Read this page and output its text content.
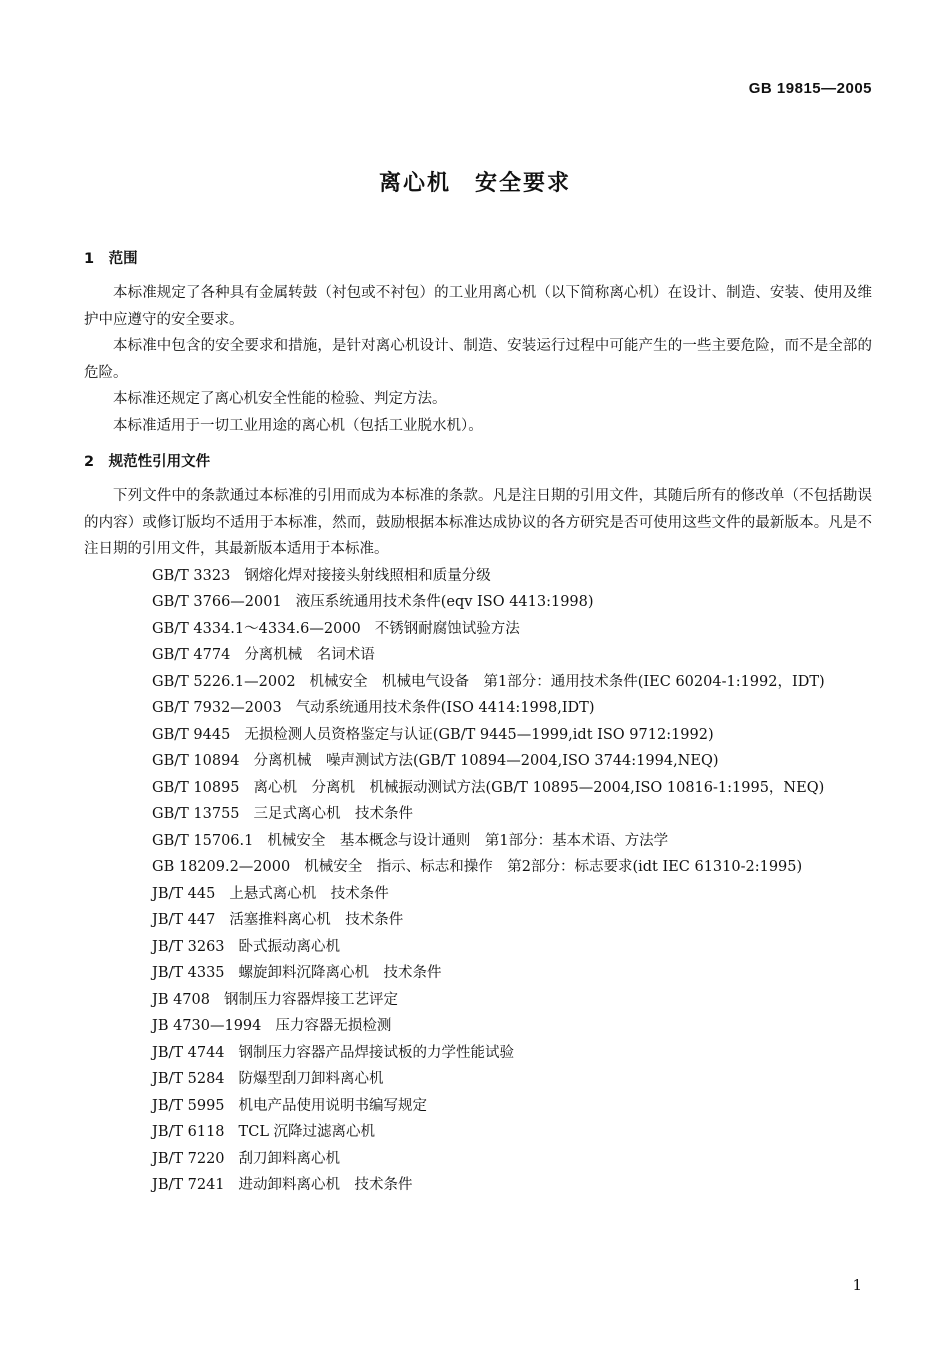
GB 19815—2005
离心机　安全要求
1　范围

本标准规定了各种具有金属转鼓（衬包或不衬包）的工业用离心机（以下简称离心机）在设计、制造、安装、使用及维护中应遵守的安全要求。

本标准中包含的安全要求和措施，是针对离心机设计、制造、安装运行过程中可能产生的一些主要危险，而不是全部的危险。

本标准还规定了离心机安全性能的检验、判定方法。

本标准适用于一切工业用途的离心机（包括工业脱水机）。

2　规范性引用文件

下列文件中的条款通过本标准的引用而成为本标准的条款。凡是注日期的引用文件，其随后所有的修改单（不包括勘误的内容）或修订版均不适用于本标准，然而，鼓励根据本标准达成协议的各方研究是否可使用这些文件的最新版本。凡是不注日期的引用文件，其最新版本适用于本标准。

GB/T 3323 钢熔化焊对接接头射线照相和质量分级

GB/T 3766—2001 液压系统通用技术条件(eqv ISO 4413:1998)

GB/T 4334.1～4334.6—2000 不锈钢耐腐蚀试验方法

GB/T 4774 分离机械　名词术语

GB/T 5226.1—2002 机械安全　机械电气设备　第1部分：通用技术条件(IEC 60204-1:1992，IDT)

GB/T 7932—2003 气动系统通用技术条件(ISO 4414:1998,IDT)

GB/T 9445 无损检测人员资格鉴定与认证(GB/T 9445—1999,idt ISO 9712:1992)

GB/T 10894 分离机械　噪声测试方法(GB/T 10894—2004,ISO 3744:1994,NEQ)

GB/T 10895 离心机　分离机　机械振动测试方法(GB/T 10895—2004,ISO 10816-1:1995，NEQ)

GB/T 13755 三足式离心机　技术条件

GB/T 15706.1 机械安全　基本概念与设计通则　第1部分：基本术语、方法学

GB 18209.2—2000 机械安全　指示、标志和操作　第2部分：标志要求(idt IEC 61310-2:1995)

JB/T 445 上悬式离心机　技术条件

JB/T 447 活塞推料离心机　技术条件

JB/T 3263 卧式振动离心机

JB/T 4335 螺旋卸料沉降离心机　技术条件

JB 4708 钢制压力容器焊接工艺评定

JB 4730—1994 压力容器无损检测

JB/T 4744 钢制压力容器产品焊接试板的力学性能试验

JB/T 5284 防爆型刮刀卸料离心机

JB/T 5995 机电产品使用说明书编写规定

JB/T 6118 TCL 沉降过滤离心机

JB/T 7220 刮刀卸料离心机

JB/T 7241 进动卸料离心机　技术条件

1
